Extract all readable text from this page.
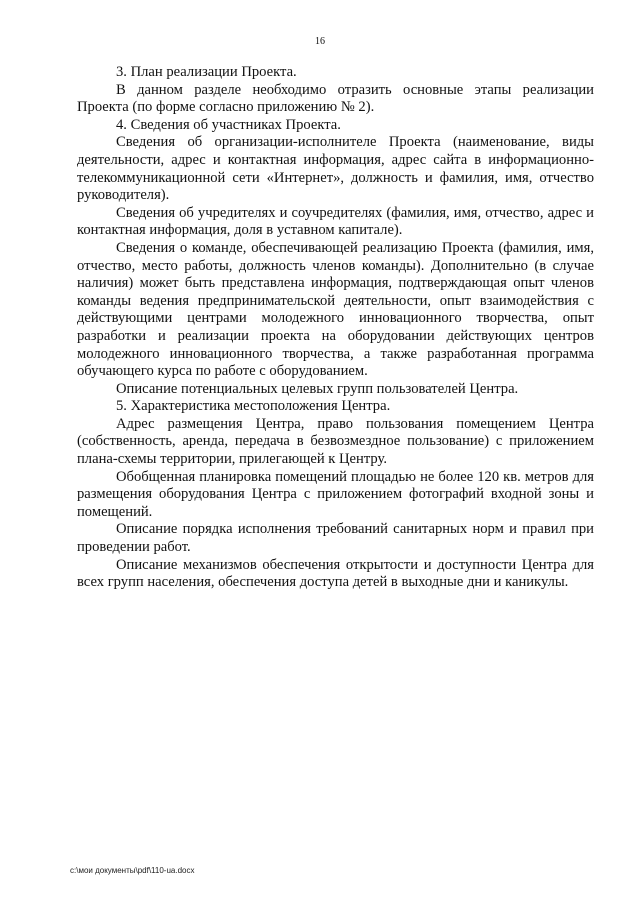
16

3. План реализации Проекта.

В данном разделе необходимо отразить основные этапы реализации Проекта (по форме согласно приложению № 2).

4. Сведения об участниках Проекта.

Сведения об организации-исполнителе Проекта (наименование, виды деятельности, адрес и контактная информация, адрес сайта в информационно-телекоммуникационной сети «Интернет», должность и фамилия, имя, отчество руководителя).

Сведения об учредителях и соучредителях (фамилия, имя, отчество, адрес и контактная информация, доля в уставном капитале).

Сведения о команде, обеспечивающей реализацию Проекта (фамилия, имя, отчество, место работы, должность членов команды). Дополнительно (в случае наличия) может быть представлена информация, подтверждающая опыт членов команды ведения предпринимательской деятельности, опыт взаимодействия с действующими центрами молодежного инновационного творчества, опыт разработки и реализации проекта на оборудовании действующих центров молодежного инновационного творчества, а также разработанная программа обучающего курса по работе с оборудованием.

Описание потенциальных целевых групп пользователей Центра.

5. Характеристика местоположения Центра.

Адрес размещения Центра, право пользования помещением Центра (собственность, аренда, передача в безвозмездное пользование) с приложением плана-схемы территории, прилегающей к Центру.

Обобщенная планировка помещений площадью не более 120 кв. метров для размещения оборудования Центра с приложением фотографий входной зоны и помещений.

Описание порядка исполнения требований санитарных норм и правил при проведении работ.

Описание механизмов обеспечения открытости и доступности Центра для всех групп населения, обеспечения доступа детей в выходные дни и каникулы.

c:\мои документы\pdf\110-ua.docx
